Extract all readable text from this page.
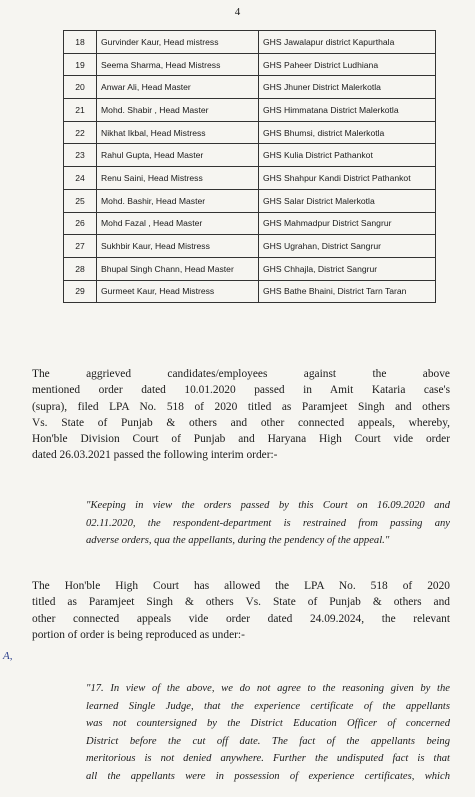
4
18	Gurvinder Kaur, Head mistress	GHS Jawalapur district Kapurthala
19	Seema Sharma, Head Mistress	GHS Paheer District Ludhiana
20	Anwar Ali, Head Master	GHS Jhuner District Malerkotla
21	Mohd. Shabir , Head Master	GHS Himmatana District Malerkotla
22	Nikhat Ikbal, Head Mistress	GHS Bhumsi, district Malerkotla
23	Rahul Gupta, Head Master	GHS Kulia District Pathankot
24	Renu Saini, Head Mistress	GHS Shahpur Kandi District Pathankot
25	Mohd. Bashir, Head Master	GHS Salar District Malerkotla
26	Mohd Fazal , Head Master	GHS Mahmadpur District Sangrur
27	Sukhbir Kaur, Head Mistress	GHS Ugrahan, District Sangrur
28	Bhupal Singh Chann, Head Master	GHS Chhajla, District Sangrur
29	Gurmeet Kaur, Head Mistress	GHS Bathe Bhaini, District Tarn Taran
The aggrieved candidates/employees against the above
mentioned order dated 10.01.2020 passed in Amit Kataria case's
(supra), filed LPA No. 518 of 2020 titled as Paramjeet Singh and others
Vs. State of Punjab & others and other connected appeals, whereby,
Hon'ble Division Court of Punjab and Haryana High Court vide order
dated 26.03.2021 passed the following interim order:-
"Keeping in view the orders passed by this Court on 16.09.2020 and
02.11.2020, the respondent-department is restrained from passing any
adverse orders, qua the appellants, during the pendency of the appeal."
The Hon'ble High Court has allowed the LPA No. 518 of 2020
titled as Paramjeet Singh & others Vs. State of Punjab & others and
other connected appeals vide order dated 24.09.2024, the relevant
portion of order is being reproduced as under:-
"17. In view of the above, we do not agree to the reasoning given by the
learned Single Judge, that the experience certificate of the appellants
was not countersigned by the District Education Officer of concerned
District before the cut off date. The fact of the appellants being
meritorious is not denied anywhere. Further the undisputed fact is that
all the appellants were in possession of experience certificates, which
A,
